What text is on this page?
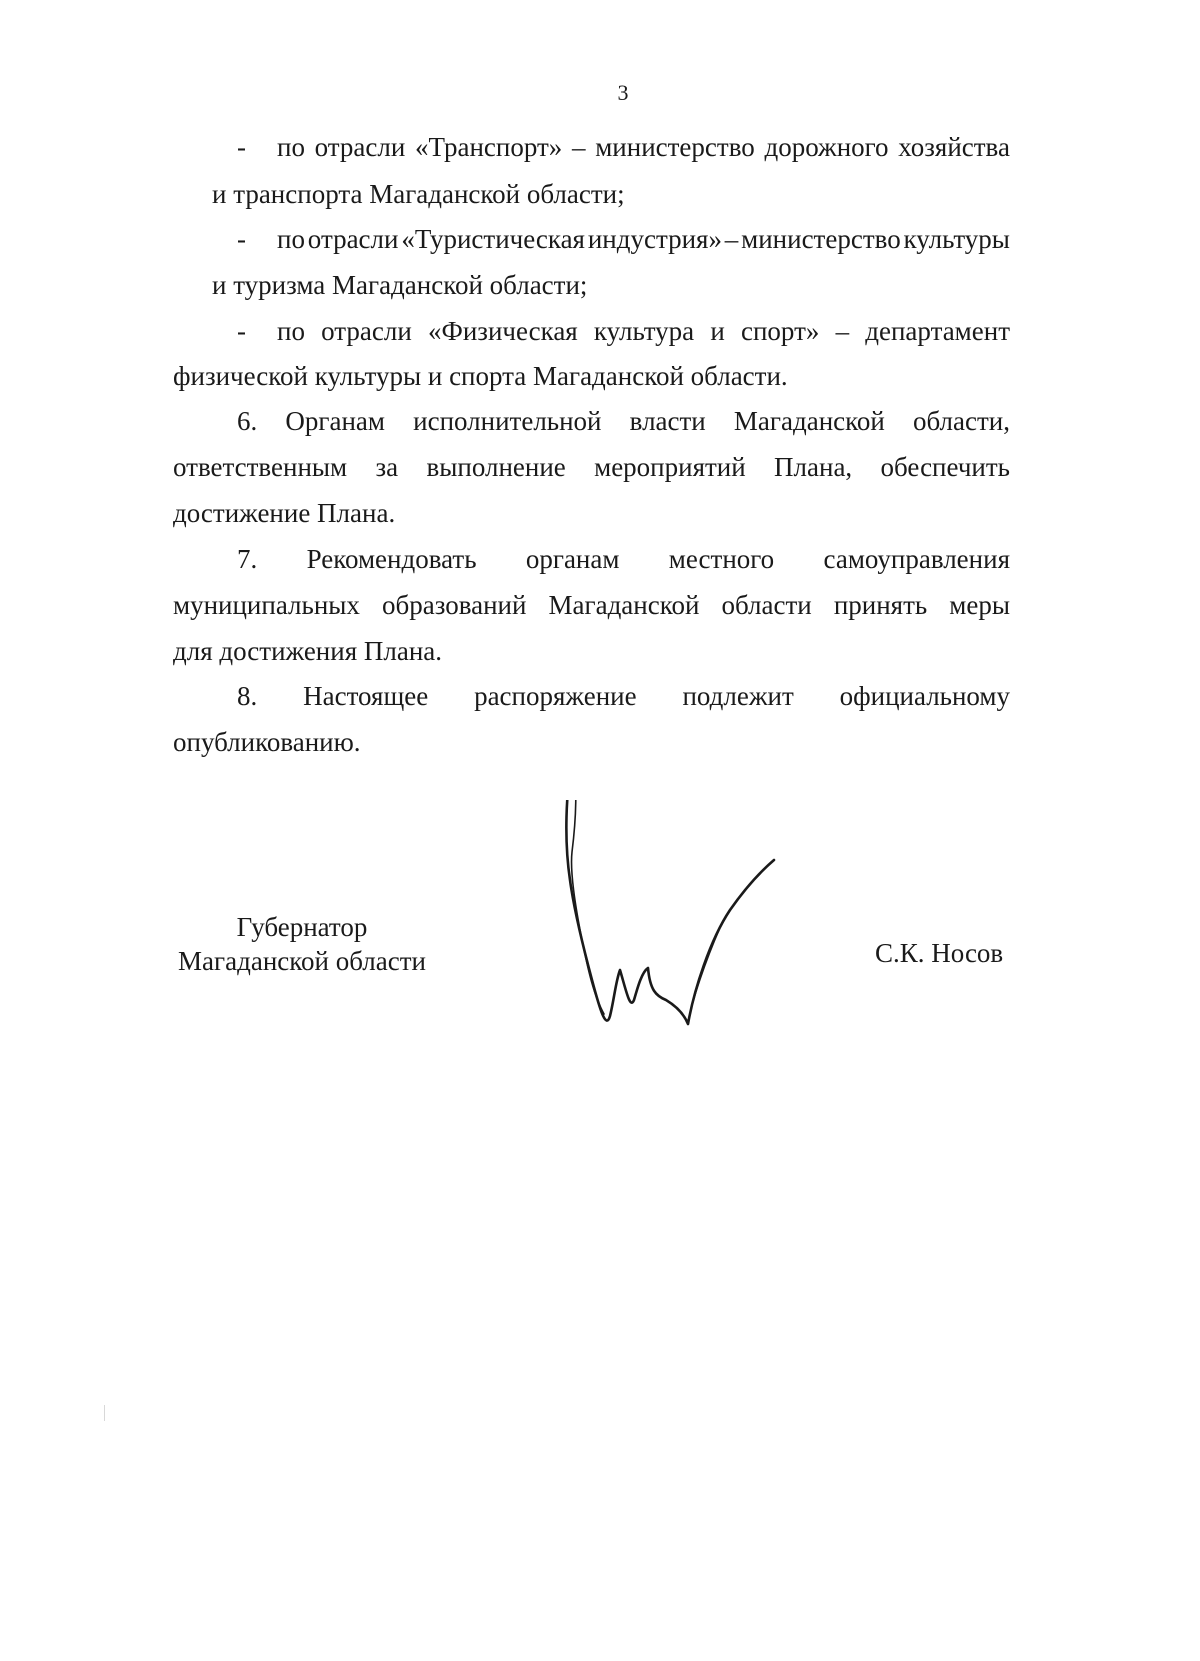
3
- по отрасли «Транспорт» – министерство дорожного хозяйства
и транспорта Магаданской области;
- по отрасли «Туристическая индустрия» – министерство культуры
и туризма Магаданской области;
- по отрасли «Физическая культура и спорт» – департамент
физической культуры и спорта Магаданской области.
6. Органам исполнительной власти Магаданской области,
ответственным за выполнение мероприятий Плана, обеспечить
достижение Плана.
7. Рекомендовать органам местного самоуправления
муниципальных образований Магаданской области принять меры
для достижения Плана.
8. Настоящее распоряжение подлежит официальному
опубликованию.
Губернатор
Магаданской области	С.К. Носов
